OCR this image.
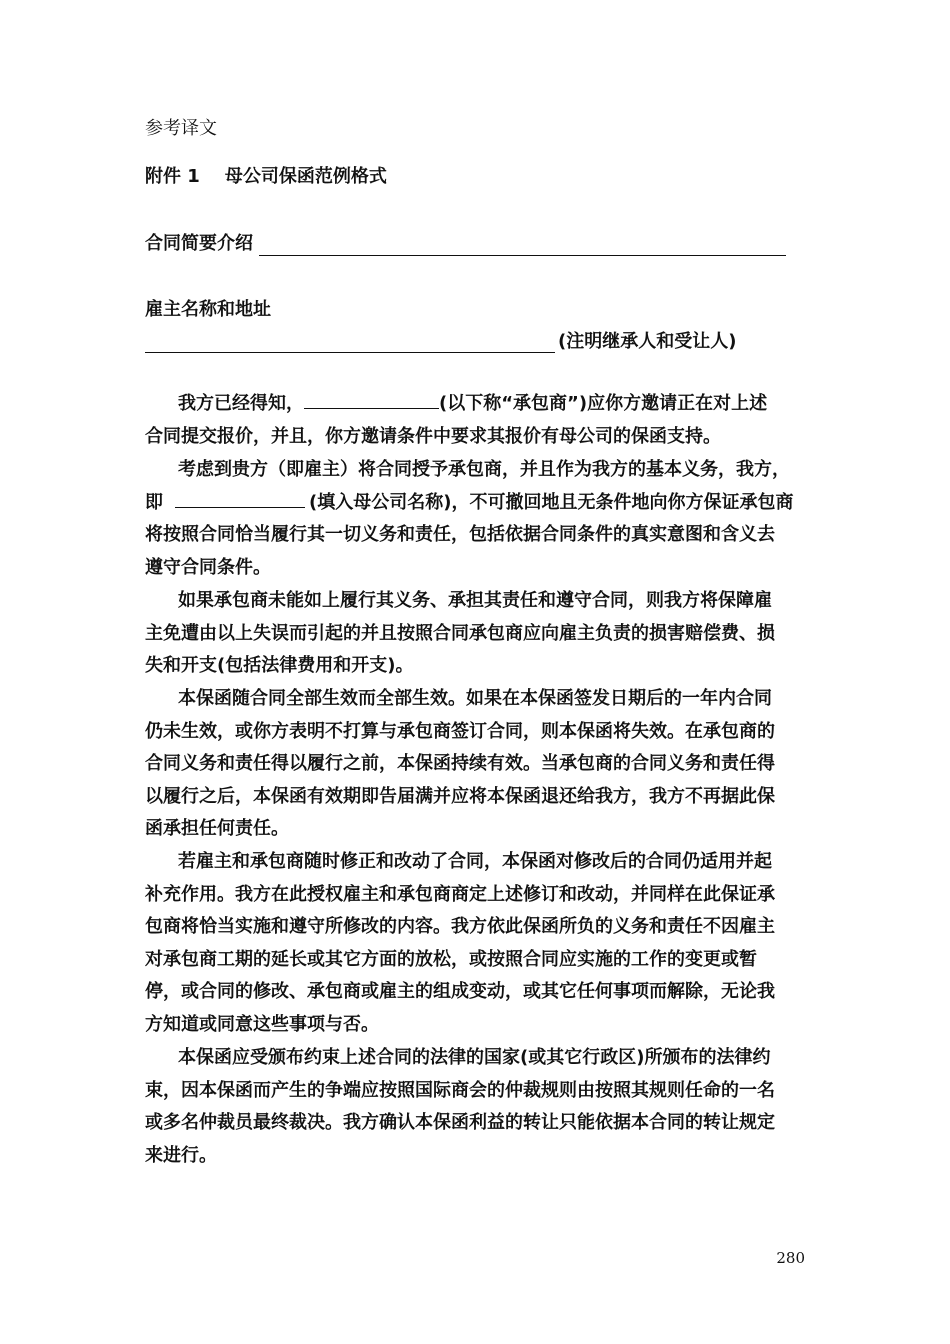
参考译文
附件 1    母公司保函范例格式
合同简要介绍
雇主名称和地址
(注明继承人和受让人)
我方已经得知，	(以下称“承包商”)应你方邀请正在对上述
合同提交报价，并且，你方邀请条件中要求其报价有母公司的保函支持。
考虑到贵方（即雇主）将合同授予承包商，并且作为我方的基本义务，我方，
即	(填入母公司名称)，不可撤回地且无条件地向你方保证承包商
将按照合同恰当履行其一切义务和责任，包括依据合同条件的真实意图和含义去
遵守合同条件。
如果承包商未能如上履行其义务、承担其责任和遵守合同，则我方将保障雇
主免遭由以上失误而引起的并且按照合同承包商应向雇主负责的损害赔偿费、损
失和开支(包括法律费用和开支)。
本保函随合同全部生效而全部生效。如果在本保函签发日期后的一年内合同
仍未生效，或你方表明不打算与承包商签订合同，则本保函将失效。在承包商的
合同义务和责任得以履行之前，本保函持续有效。当承包商的合同义务和责任得
以履行之后，本保函有效期即告届满并应将本保函退还给我方，我方不再据此保
函承担任何责任。
若雇主和承包商随时修正和改动了合同，本保函对修改后的合同仍适用并起
补充作用。我方在此授权雇主和承包商商定上述修订和改动，并同样在此保证承
包商将恰当实施和遵守所修改的内容。我方依此保函所负的义务和责任不因雇主
对承包商工期的延长或其它方面的放松，或按照合同应实施的工作的变更或暂
停，或合同的修改、承包商或雇主的组成变动，或其它任何事项而解除，无论我
方知道或同意这些事项与否。
本保函应受颁布约束上述合同的法律的国家(或其它行政区)所颁布的法律约
束，因本保函而产生的争端应按照国际商会的仲裁规则由按照其规则任命的一名
或多名仲裁员最终裁决。我方确认本保函利益的转让只能依据本合同的转让规定
来进行。
280
